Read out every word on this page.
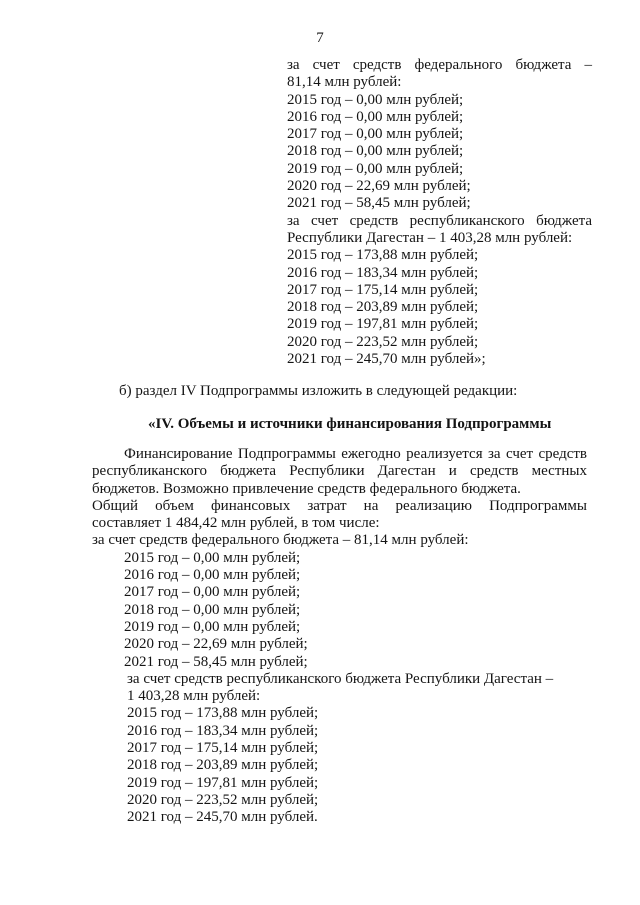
7
за счет средств федерального бюджета –
81,14 млн рублей:
2015 год – 0,00 млн рублей;
2016 год – 0,00 млн рублей;
2017 год – 0,00 млн рублей;
2018 год – 0,00 млн рублей;
2019 год – 0,00 млн рублей;
2020 год – 22,69 млн рублей;
2021 год – 58,45 млн рублей;
за счет средств республиканского бюджета
Республики Дагестан – 1 403,28 млн рублей:
2015 год – 173,88 млн рублей;
2016 год – 183,34 млн рублей;
2017 год – 175,14 млн рублей;
2018 год – 203,89 млн рублей;
2019 год – 197,81 млн рублей;
2020 год – 223,52 млн рублей;
2021 год – 245,70 млн рублей»;
б) раздел IV Подпрограммы изложить в следующей редакции:
«IV. Объемы и источники финансирования Подпрограммы
Финансирование Подпрограммы ежегодно реализуется за счет средств
республиканского бюджета Республики Дагестан и средств местных
бюджетов. Возможно привлечение средств федерального бюджета.
Общий объем финансовых затрат на реализацию Подпрограммы
составляет 1 484,42 млн рублей, в том числе:
за счет средств федерального бюджета – 81,14 млн рублей:
2015 год – 0,00 млн рублей;
2016 год – 0,00 млн рублей;
2017 год – 0,00 млн рублей;
2018 год – 0,00 млн рублей;
2019 год – 0,00 млн рублей;
2020 год – 22,69 млн рублей;
2021 год – 58,45 млн рублей;
за счет средств республиканского бюджета Республики Дагестан –
1 403,28 млн рублей:
2015 год – 173,88 млн рублей;
2016 год – 183,34 млн рублей;
2017 год – 175,14 млн рублей;
2018 год – 203,89 млн рублей;
2019 год – 197,81 млн рублей;
2020 год – 223,52 млн рублей;
2021 год – 245,70 млн рублей.
